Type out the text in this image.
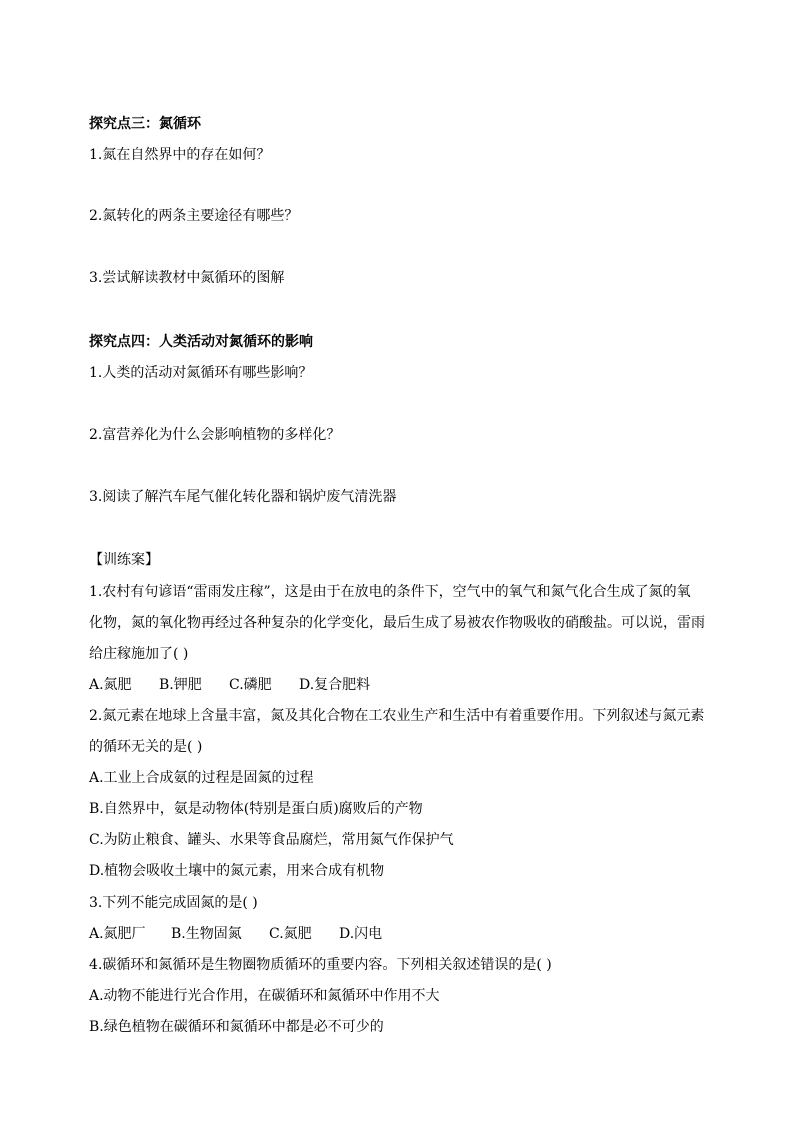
探究点三：氮循环
1.氮在自然界中的存在如何？
2.氮转化的两条主要途径有哪些？
3.尝试解读教材中氮循环的图解
探究点四：人类活动对氮循环的影响
1.人类的活动对氮循环有哪些影响？
2.富营养化为什么会影响植物的多样化？
3.阅读了解汽车尾气催化转化器和锅炉废气清洗器
【训练案】
1.农村有句谚语“雷雨发庄稼”，这是由于在放电的条件下，空气中的氧气和氮气化合生成了氮的氧
化物，氮的氧化物再经过各种复杂的化学变化，最后生成了易被农作物吸收的硝酸盐。可以说，雷雨
给庄稼施加了( )
A.氮肥	B.钾肥	C.磷肥	D.复合肥料
2.氮元素在地球上含量丰富，氮及其化合物在工农业生产和生活中有着重要作用。下列叙述与氮元素
的循环无关的是( )
A.工业上合成氨的过程是固氮的过程
B.自然界中，氨是动物体(特别是蛋白质)腐败后的产物
C.为防止粮食、罐头、水果等食品腐烂，常用氮气作保护气
D.植物会吸收土壤中的氮元素，用来合成有机物
3.下列不能完成固氮的是( )
A.氮肥厂	B.生物固氮	C.氮肥	D.闪电
4.碳循环和氮循环是生物圈物质循环的重要内容。下列相关叙述错误的是( )
A.动物不能进行光合作用，在碳循环和氮循环中作用不大
B.绿色植物在碳循环和氮循环中都是必不可少的
